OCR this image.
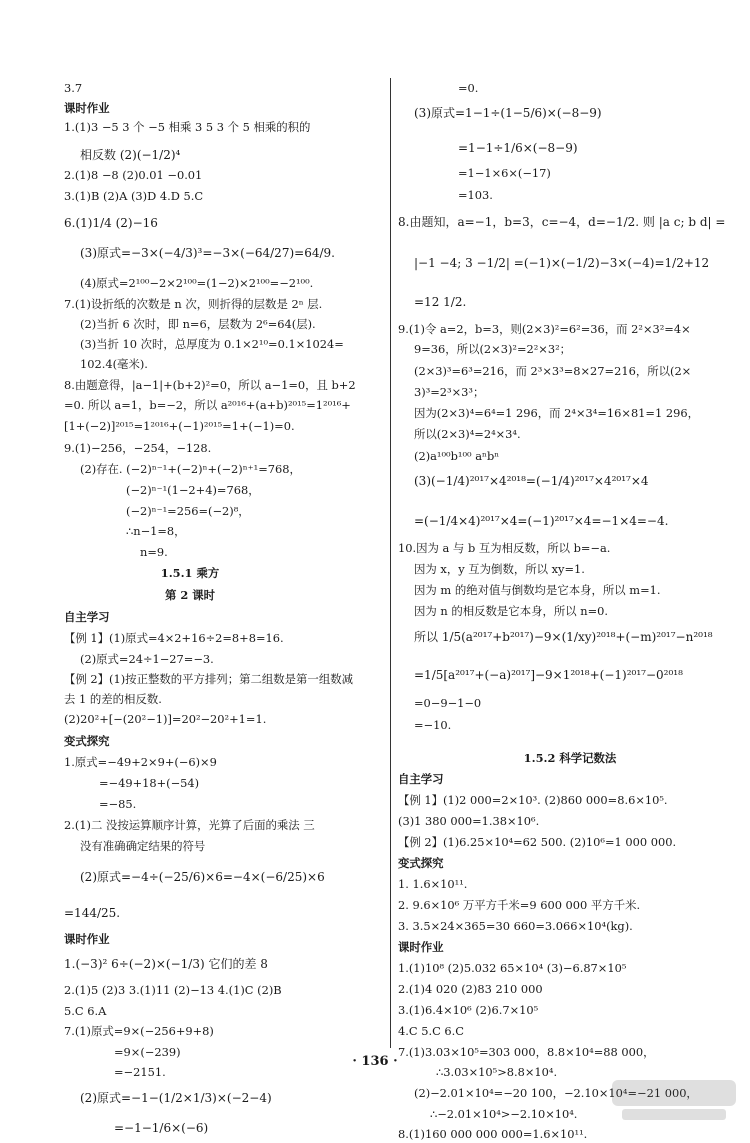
3.7
课时作业
1.(1)3 −5 3 个 −5 相乘 3 5 3 个 5 相乘的积的
相反数 (2)(−1/2)⁴
2.(1)8 −8 (2)0.01 −0.01
3.(1)B (2)A (3)D 4.D 5.C
6.(1)1/4 (2)−16
(3)原式=−3×(−4/3)³=−3×(−64/27)=64/9.
(4)原式=2¹⁰⁰−2×2¹⁰⁰=(1−2)×2¹⁰⁰=−2¹⁰⁰.
7.(1)设折纸的次数是 n 次，则折得的层数是 2ⁿ 层.
(2)当折 6 次时，即 n=6，层数为 2⁶=64(层).
(3)当折 10 次时，总厚度为 0.1×2¹⁰=0.1×1024=
102.4(毫米).
8.由题意得，|a−1|+(b+2)²=0，所以 a−1=0，且 b+2
=0. 所以 a=1，b=−2，所以 a²⁰¹⁶+(a+b)²⁰¹⁵=1²⁰¹⁶+
[1+(−2)]²⁰¹⁵=1²⁰¹⁶+(−1)²⁰¹⁵=1+(−1)=0.
9.(1)−256，−254，−128.
(2)存在. (−2)ⁿ⁻¹+(−2)ⁿ+(−2)ⁿ⁺¹=768，
(−2)ⁿ⁻¹(1−2+4)=768，
(−2)ⁿ⁻¹=256=(−2)⁸，
∴n−1=8，
n=9.
1.5.1 乘方
第 2 课时
自主学习
【例 1】(1)原式=4×2+16÷2=8+8=16.
(2)原式=24÷1−27=−3.
【例 2】(1)按正整数的平方排列；第二组数是第一组数减
去 1 的差的相反数.
(2)20²+[−(20²−1)]=20²−20²+1=1.
变式探究
1.原式=−49+2×9+(−6)×9
=−49+18+(−54)
=−85.
2.(1)二 没按运算顺序计算，光算了后面的乘法 三
没有准确确定结果的符号
(2)原式=−4÷(−25/6)×6=−4×(−6/25)×6
=144/25.
课时作业
1.(−3)² 6÷(−2)×(−1/3) 它们的差 8
2.(1)5 (2)3 3.(1)11 (2)−13 4.(1)C (2)B
5.C 6.A
7.(1)原式=9×(−256+9+8)
=9×(−239)
=−2151.
(2)原式=−1−(1/2×1/3)×(−2−4)
=−1−1/6×(−6)
=0.
(3)原式=1−1÷(1−5/6)×(−8−9)
=1−1÷1/6×(−8−9)
=1−1×6×(−17)
=103.
8.由题知，a=−1，b=3，c=−4，d=−1/2. 则 |a c; b d| =
|−1 −4; 3 −1/2| =(−1)×(−1/2)−3×(−4)=1/2+12
=12 1/2.
9.(1)令 a=2，b=3，则(2×3)²=6²=36，而 2²×3²=4×
9=36，所以(2×3)²=2²×3²；
(2×3)³=6³=216，而 2³×3³=8×27=216，所以(2×
3)³=2³×3³；
因为(2×3)⁴=6⁴=1 296，而 2⁴×3⁴=16×81=1 296，
所以(2×3)⁴=2⁴×3⁴.
(2)a¹⁰⁰b¹⁰⁰ aⁿbⁿ
(3)(−1/4)²⁰¹⁷×4²⁰¹⁸=(−1/4)²⁰¹⁷×4²⁰¹⁷×4
=(−1/4×4)²⁰¹⁷×4=(−1)²⁰¹⁷×4=−1×4=−4.
10.因为 a 与 b 互为相反数，所以 b=−a.
因为 x，y 互为倒数，所以 xy=1.
因为 m 的绝对值与倒数均是它本身，所以 m=1.
因为 n 的相反数是它本身，所以 n=0.
所以 1/5(a²⁰¹⁷+b²⁰¹⁷)−9×(1/xy)²⁰¹⁸+(−m)²⁰¹⁷−n²⁰¹⁸
=1/5[a²⁰¹⁷+(−a)²⁰¹⁷]−9×1²⁰¹⁸+(−1)²⁰¹⁷−0²⁰¹⁸
=0−9−1−0
=−10.
1.5.2 科学记数法
自主学习
【例 1】(1)2 000=2×10³. (2)860 000=8.6×10⁵.
(3)1 380 000=1.38×10⁶.
【例 2】(1)6.25×10⁴=62 500. (2)10⁶=1 000 000.
变式探究
1. 1.6×10¹¹.
2. 9.6×10⁶ 万平方千米=9 600 000 平方千米.
3. 3.5×24×365=30 660=3.066×10⁴(kg).
课时作业
1.(1)10⁸ (2)5.032 65×10⁴ (3)−6.87×10⁵
2.(1)4 020 (2)83 210 000
3.(1)6.4×10⁶ (2)6.7×10⁵
4.C 5.C 6.C
7.(1)3.03×10⁵=303 000，8.8×10⁴=88 000，
∴3.03×10⁵>8.8×10⁴.
(2)−2.01×10⁴=−20 100，−2.10×10⁴=−21 000，
∴−2.01×10⁴>−2.10×10⁴.
8.(1)160 000 000 000=1.6×10¹¹.
· 136 ·
